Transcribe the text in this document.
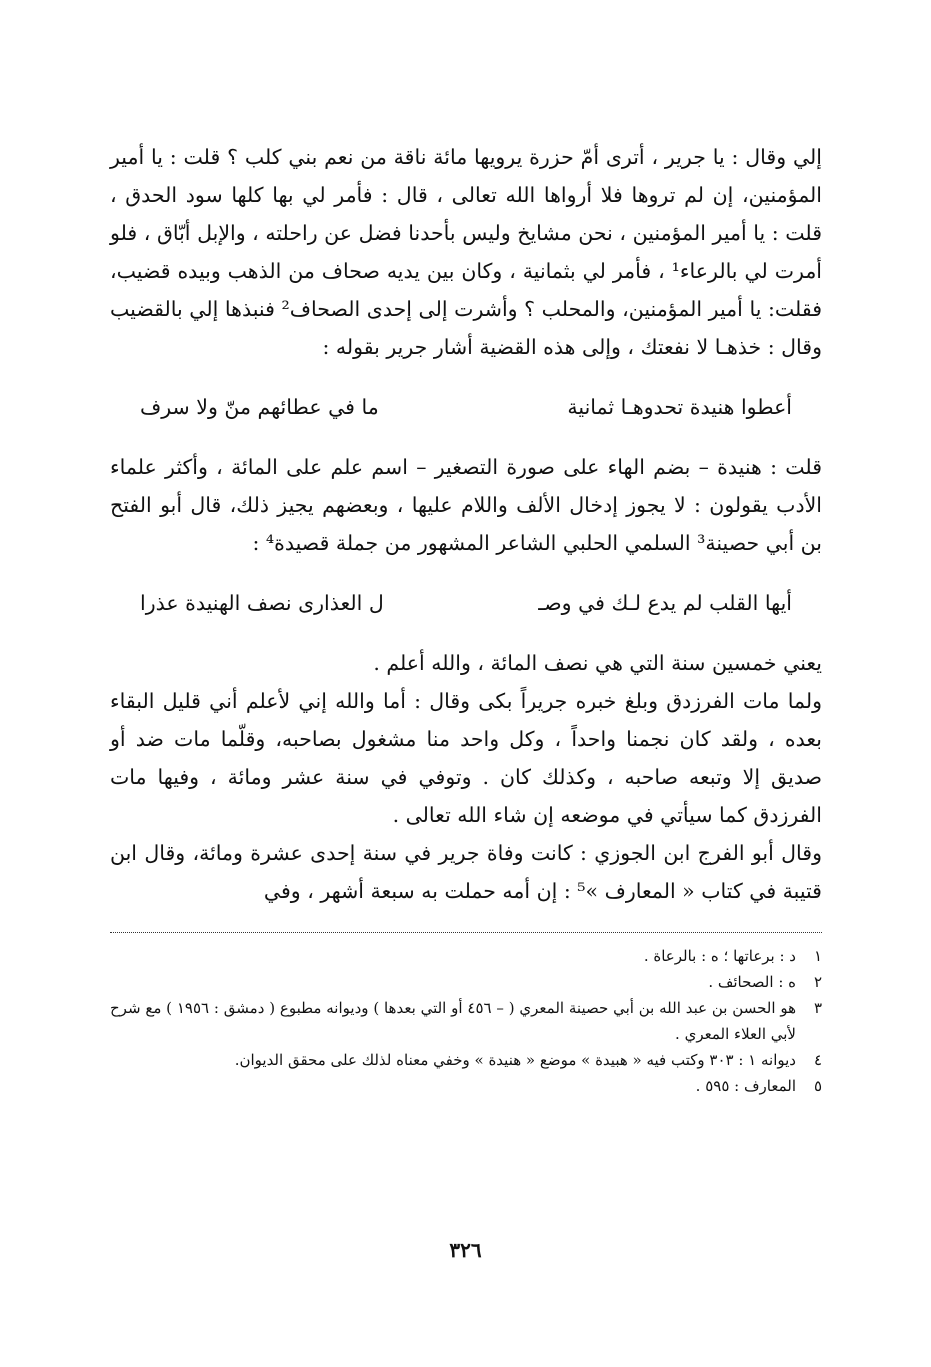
إلي وقال : يا جرير ، أترى أمّ حزرة يرويها مائة ناقة من نعم بني كلب ؟ قلت : يا أمير المؤمنين، إن لم تروها فلا أرواها الله تعالى ، قال : فأمر لي بها كلها سود الحدق ، قلت : يا أمير المؤمنين ، نحن مشايخ وليس بأحدنا فضل عن راحلته ، والإبل أبّاق ، فلو أمرت لي بالرعاء¹ ، فأمر لي بثمانية ، وكان بين يديه صحاف من الذهب وبيده قضيب، فقلت: يا أمير المؤمنين، والمحلب ؟ وأشرت إلى إحدى الصحاف² فنبذها إلي بالقضيب وقال : خذهـا لا نفعتك ، وإلى هذه القضية أشار جرير بقوله :

أعطوا هنيدة تحدوهـا ثمانية
ما في عطائهم منّ ولا سرف

قلت : هنيدة – بضم الهاء على صورة التصغير – اسم علم على المائة ، وأكثر علماء الأدب يقولون : لا يجوز إدخال الألف واللام عليها ، وبعضهم يجيز ذلك، قال أبو الفتح بن أبي حصينة³ السلمي الحلبي الشاعر المشهور من جملة قصيدة⁴ :

أيها القلب لم يدع لـك في وصـ
ل العذارى نصف الهنيدة عذرا

يعني خمسين سنة التي هي نصف المائة ، والله أعلم .

ولما مات الفرزدق وبلغ خبره جريراً بكى وقال : أما والله إني لأعلم أني قليل البقاء بعده ، ولقد كان نجمنا واحداً ، وكل واحد منا مشغول بصاحبه، وقلّما مات ضد أو صديق إلا وتبعه صاحبه ، وكذلك كان . وتوفي في سنة عشر ومائة ، وفيها مات الفرزدق كما سيأتي في موضعه إن شاء الله تعالى .

وقال أبو الفرج ابن الجوزي : كانت وفاة جرير في سنة إحدى عشرة ومائة، وقال ابن قتيبة في كتاب « المعارف »⁵ : إن أمه حملت به سبعة أشهر ، وفي

١
د : برعاتها ؛ ه : بالرعاة .
٢
ه : الصحائف .
٣
هو الحسن بن عبد الله بن أبي حصينة المعري ( – ٤٥٦ أو التي بعدها ) وديوانه مطبوع ( دمشق : ١٩٥٦ ) مع شرح لأبي العلاء المعري .
٤
ديوانه ١ : ٣٠٣ وكتب فيه « هبيدة » موضع « هنيدة » وخفي معناه لذلك على محقق الديوان.
٥
المعارف : ٥٩٥ .
٣٢٦
